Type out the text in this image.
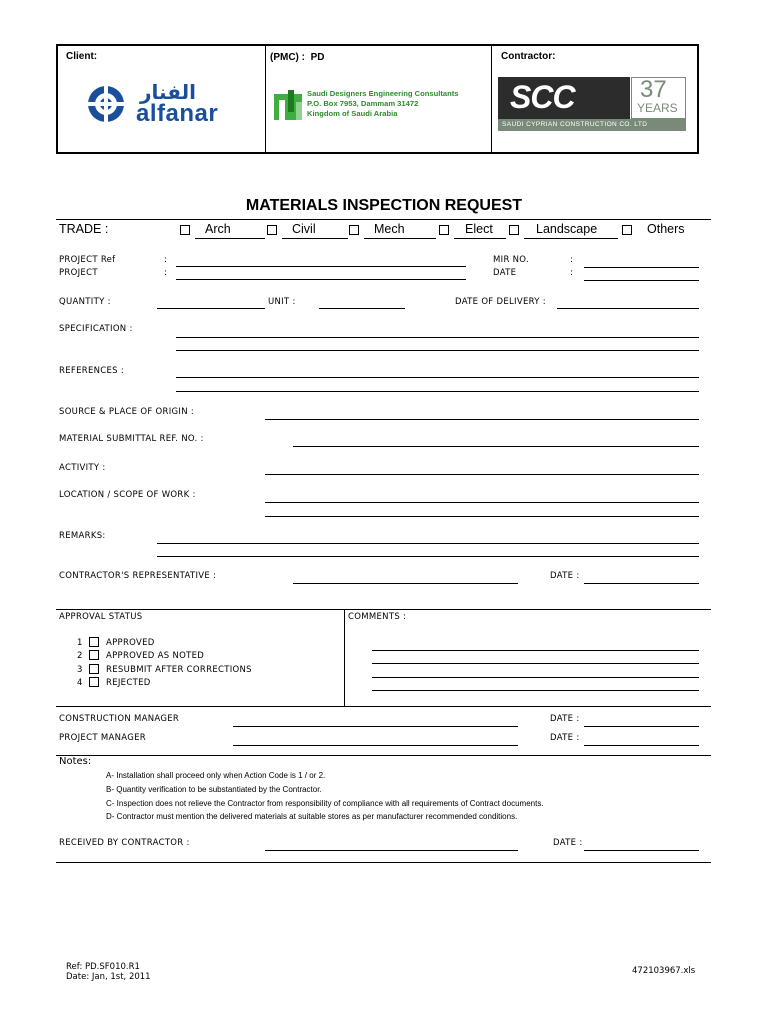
Client:	(PMC) : PD	Contractor:
الفنار
alfanar
Saudi Designers Engineering Consultants
P.O. Box 7953, Dammam 31472
Kingdom of Saudi Arabia	SCC	37
YEARS
SAUDI CYPRIAN CONSTRUCTION CO. LTD
MATERIALS INSPECTION REQUEST
TRADE :	Arch	Civil	Mech	Elect	Landscape	Others
PROJECT Ref	:
PROJECT	:
MIR NO.	:
DATE	:
QUANTITY :	UNIT :	DATE OF DELIVERY :
SPECIFICATION :
REFERENCES :
SOURCE & PLACE OF ORIGIN :
MATERIAL SUBMITTAL REF. NO. :
ACTIVITY :
LOCATION / SCOPE OF WORK :
REMARKS:
CONTRACTOR'S REPRESENTATIVE :	DATE :
APPROVAL STATUS	COMMENTS :
1	APPROVED
2	APPROVED AS NOTED
3	RESUBMIT AFTER CORRECTIONS
4	REJECTED
CONSTRUCTION MANAGER	DATE :
PROJECT MANAGER	DATE :
Notes:
A- Installation shall proceed only when Action Code is 1 / or 2.
B- Quantity verification to be substantiated by the Contractor.
C- Inspection does not relieve the Contractor from responsibility of compliance with all requirements of Contract documents.
D- Contractor must mention the delivered materials at suitable stores as per manufacturer recommended conditions.
RECEIVED BY CONTRACTOR :	DATE :
Ref: PD.SF010.R1
Date: Jan, 1st, 2011
472103967.xls
